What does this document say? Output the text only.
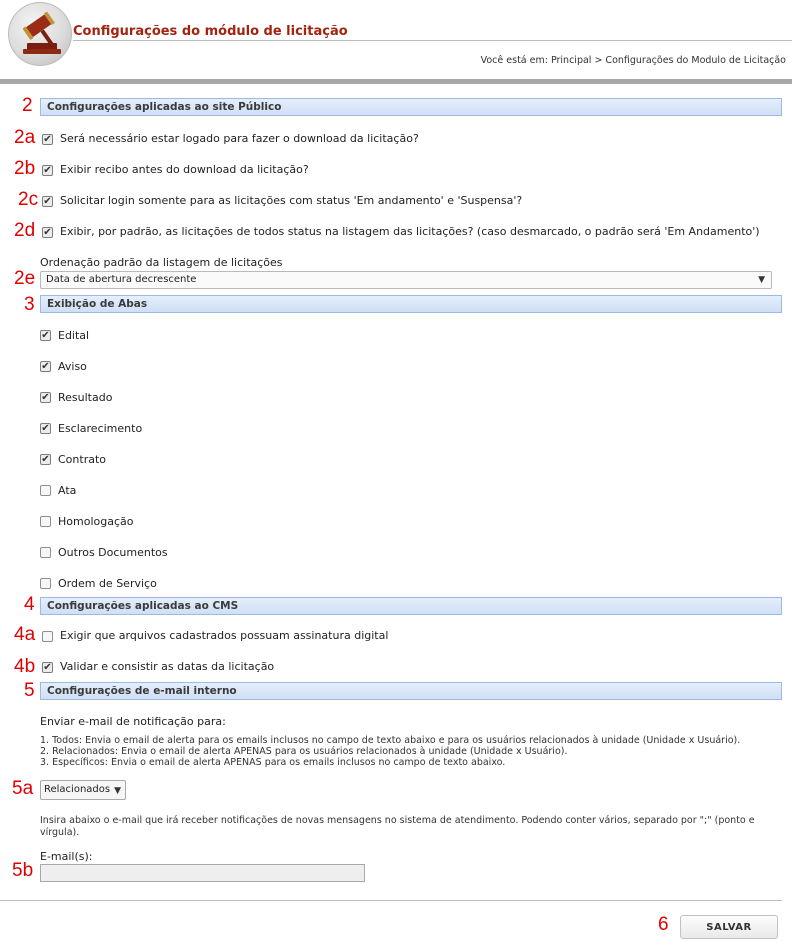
Configurações do módulo de licitação
Você está em: Principal > Configurações do Modulo de Licitação
2	Configurações aplicadas ao site Público
2a ✔ Será necessário estar logado para fazer o download da licitação?
2b ✔ Exibir recibo antes do download da licitação?
2c ✔ Solicitar login somente para as licitações com status 'Em andamento' e 'Suspensa'?
2d ✔ Exibir, por padrão, as licitações de todos status na listagem das licitações? (caso desmarcado, o padrão será 'Em Andamento')
Ordenação padrão da listagem de licitações
2e	Data de abertura decrescente	▼
3	Exibição de Abas
✔ Edital
✔ Aviso
✔ Resultado
✔ Esclarecimento
✔ Contrato
Ata
Homologação
Outros Documentos
Ordem de Serviço
4	Configurações aplicadas ao CMS
4a Exigir que arquivos cadastrados possuam assinatura digital
4b ✔ Validar e consistir as datas da licitação
5	Configurações de e-mail interno
Enviar e-mail de notificação para:
1. Todos: Envia o email de alerta para os emails inclusos no campo de texto abaixo e para os usuários relacionados à unidade (Unidade x Usuário).
2. Relacionados: Envia o email de alerta APENAS para os usuários relacionados à unidade (Unidade x Usuário).
3. Específicos: Envia o email de alerta APENAS para os emails inclusos no campo de texto abaixo.
5a	Relacionados ▼
Insira abaixo o e-mail que irá receber notificações de novas mensagens no sistema de atendimento. Podendo conter vários, separado por ";" (ponto e vírgula).
E-mail(s):
5b
6	SALVAR
